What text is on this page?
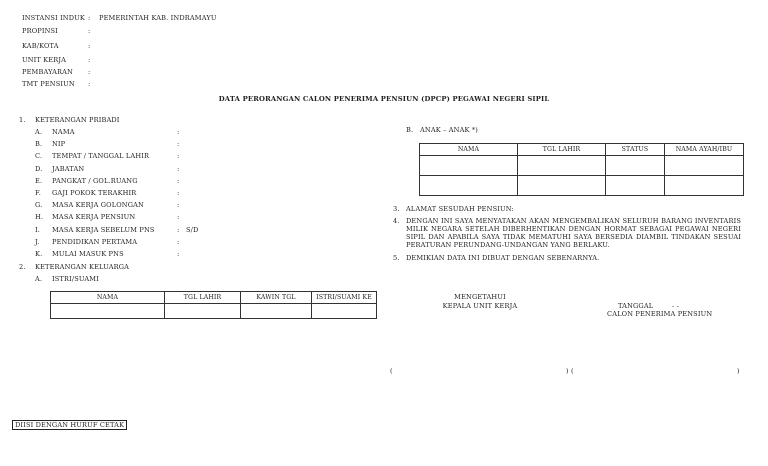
INSTANSI INDUK : PEMERINTAH KAB. INDRAMAYU
PROPINSI	:
KAB/KOTA	:
UNIT KERJA	:
PEMBAYARAN :
TMT PENSIUN :
DATA PERORANGAN CALON PENERIMA PENSIUN (DPCP) PEGAWAI NEGERI SIPIL
1. KETERANGAN PRIBADI
A. NAMA	:
B. NIP	:
C. TEMPAT / TANGGAL LAHIR	:
D. JABATAN	:
E. PANGKAT / GOL.RUANG	:
F. GAJI POKOK TERAKHIR	:
G. MASA KERJA GOLONGAN	:
H. MASA KERJA PENSIUN	:
I. MASA KERJA SEBELUM PNS	: S/D
J. PENDIDIKAN PERTAMA	:
K. MULAI MASUK PNS	:
2. KETERANGAN KELUARGA
A. ISTRI/SUAMI
NAMA	TGL LAHIR	KAWIN TGL	ISTRI/SUAMI KE

B. ANAK – ANAK *)
NAMA	TGL LAHIR	STATUS	NAMA AYAH/IBU

3. ALAMAT SESUDAH PENSIUN:
4. DENGAN INI SAYA MENYATAKAN AKAN MENGEMBALIKAN SELURUH BARANG INVENTARIS MILIK NEGARA SETELAH DIBERHENTIKAN DENGAN HORMAT SEBAGAI PEGAWAI NEGERI SIPIL DAN APABILA SAYA TIDAK MEMATUHI SAYA BERSEDIA DIAMBIL TINDAKAN SESUAI PERATURAN PERUNDANG-UNDANGAN YANG BERLAKU.
5. DEMIKIAN DATA INI DIBUAT DENGAN SEBENARNYA.
MENGETAHUI
KEPALA UNIT KERJA	TANGGAL	- -
CALON PENERIMA PENSIUN
(	) (	)
DIISI DENGAN HURUF CETAK
